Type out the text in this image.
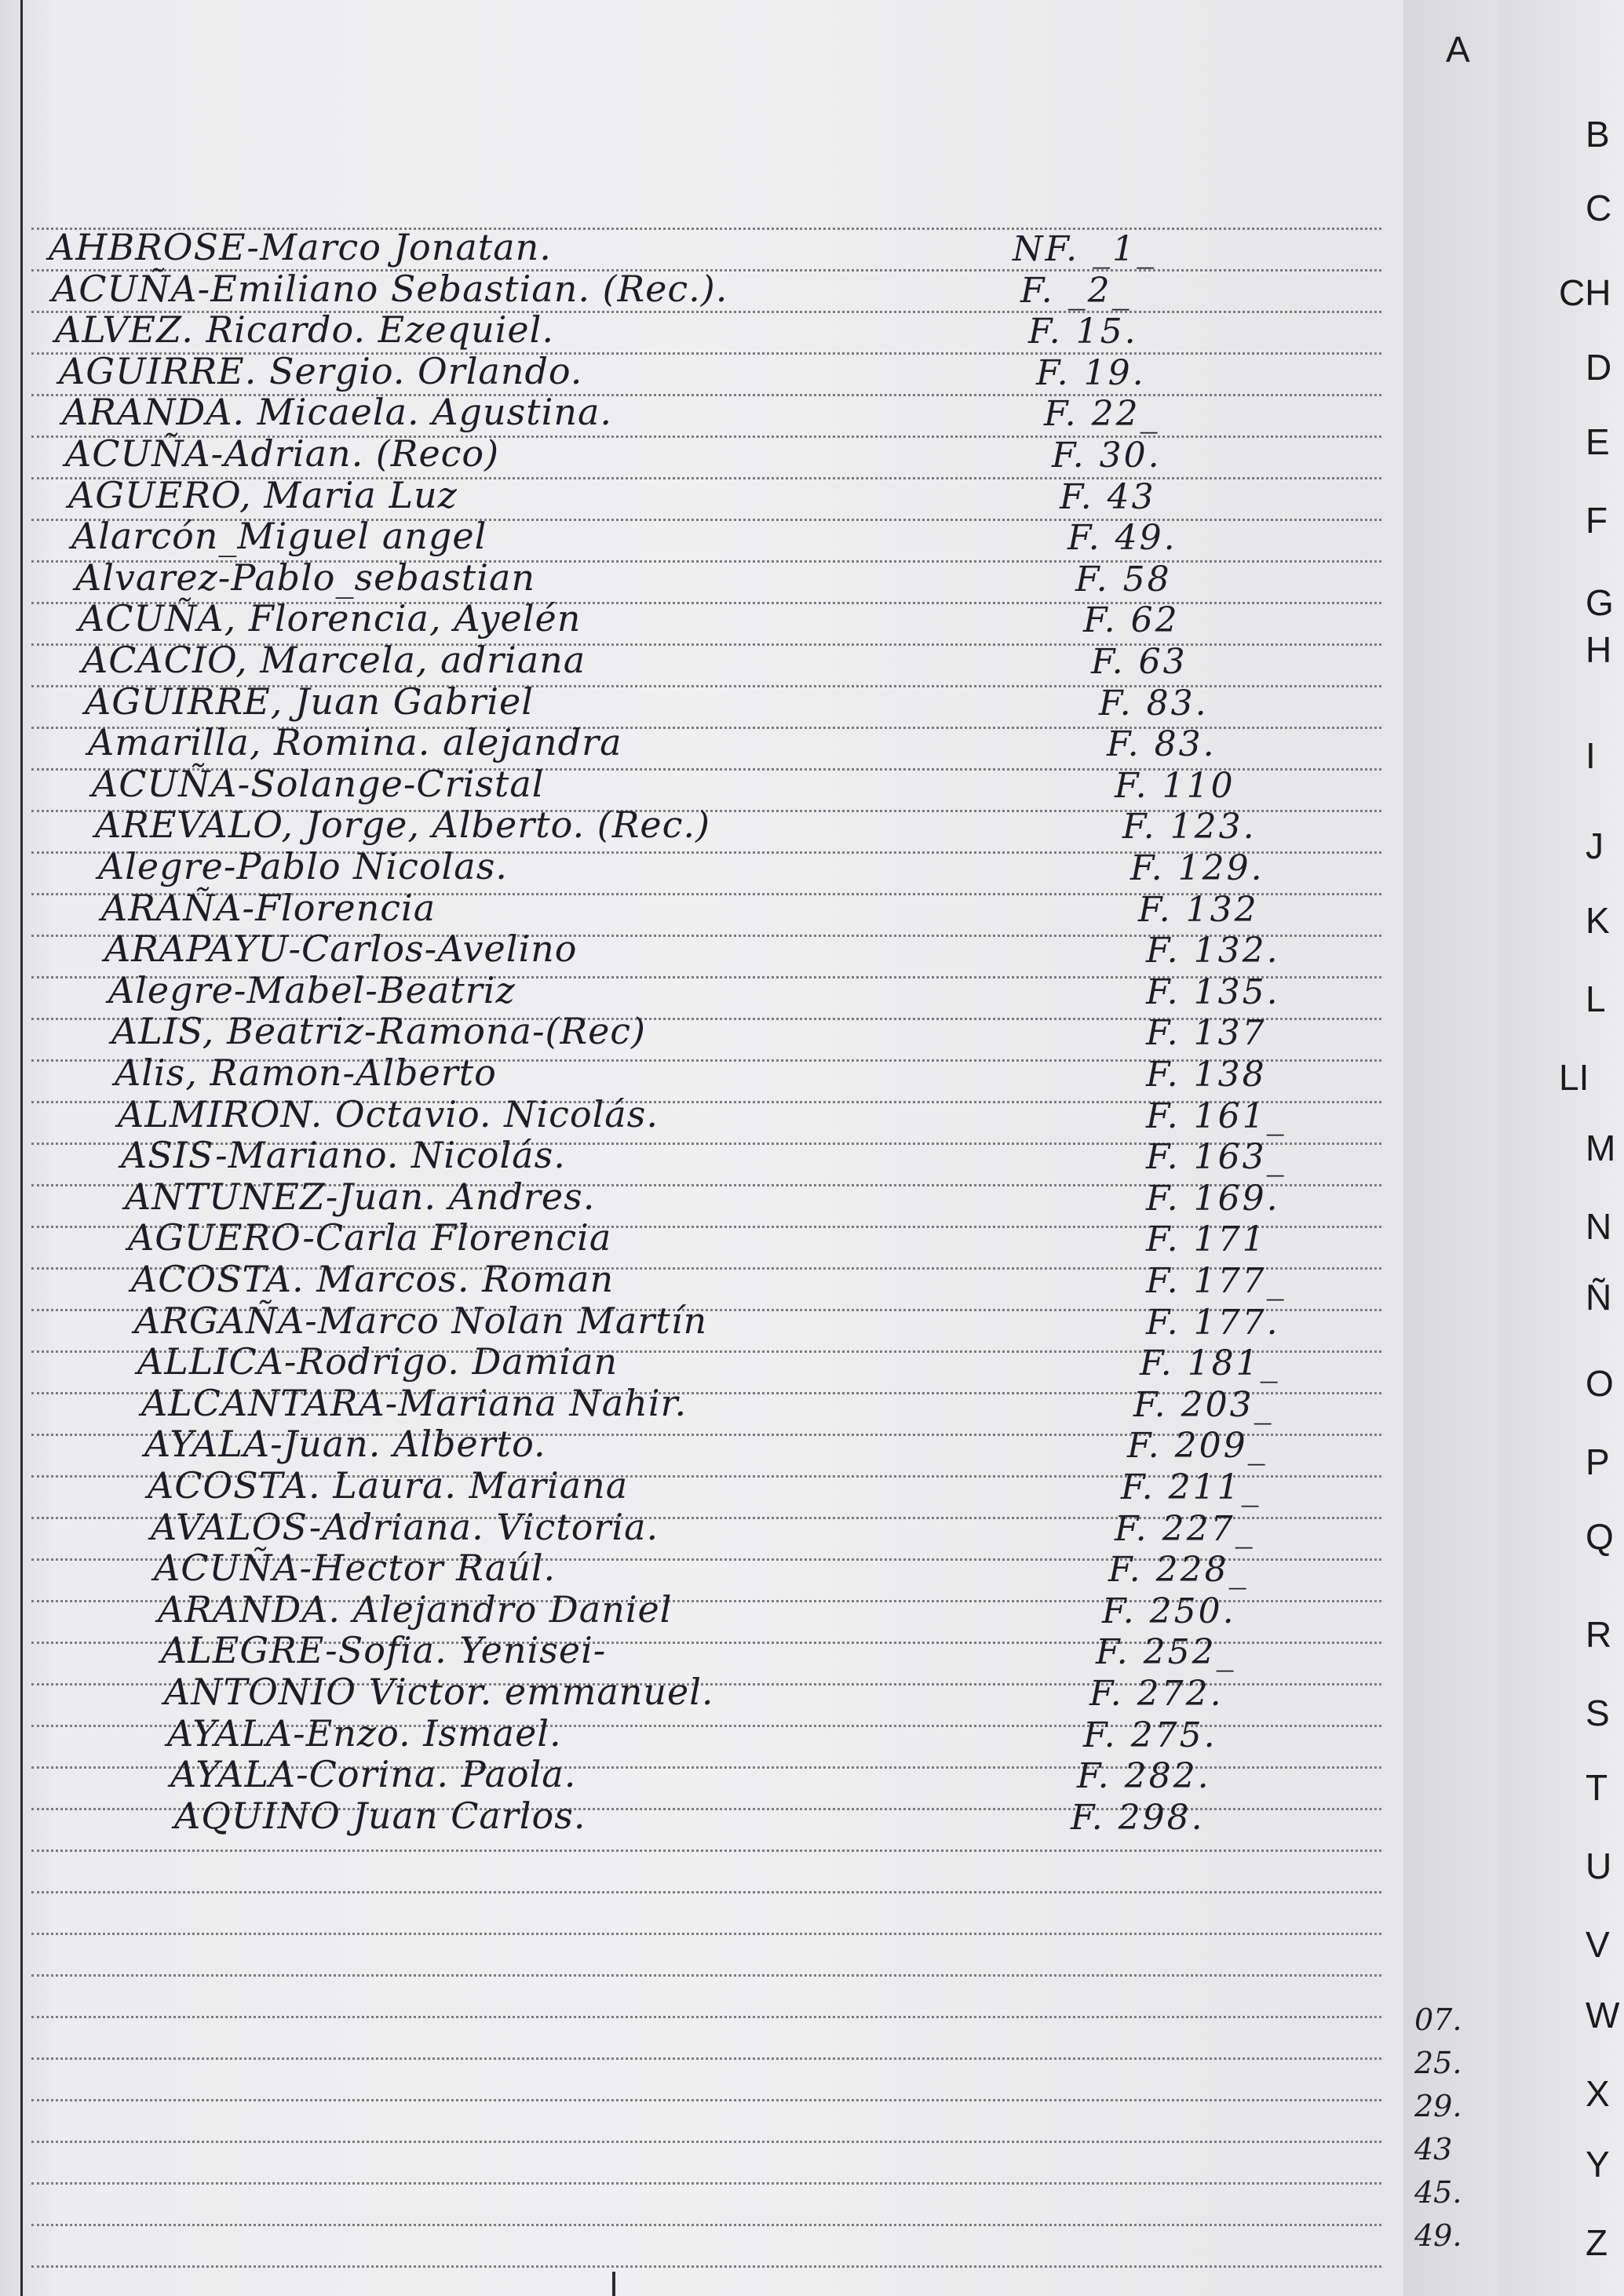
AHBROSE-Marco Jonatan.	NF. _1_
ACUÑA-Emiliano Sebastian. (Rec.).	F. _2_
ALVEZ. Ricardo. Ezequiel.	F. 15.
AGUIRRE. Sergio. Orlando.	F. 19.
ARANDA. Micaela. Agustina.	F. 22_
ACUÑA-Adrian. (Reco)	F. 30.
AGUERO, Maria Luz	F. 43
Alarcón_Miguel angel	F. 49.
Alvarez-Pablo_sebastian	F. 58
ACUÑA, Florencia, Ayelén	F. 62
ACACIO, Marcela, adriana	F. 63
AGUIRRE, Juan Gabriel	F. 83.
Amarilla, Romina. alejandra	F. 83.
ACUÑA-Solange-Cristal	F. 110
AREVALO, Jorge, Alberto. (Rec.)	F. 123.
Alegre-Pablo Nicolas.	F. 129.
ARAÑA-Florencia	F. 132
ARAPAYU-Carlos-Avelino	F. 132.
Alegre-Mabel-Beatriz	F. 135.
ALIS, Beatriz-Ramona-(Rec)	F. 137
Alis, Ramon-Alberto	F. 138
ALMIRON. Octavio. Nicolás.	F. 161_
ASIS-Mariano. Nicolás.	F. 163_
ANTUNEZ-Juan. Andres.	F. 169.
AGUERO-Carla Florencia	F. 171
ACOSTA. Marcos. Roman	F. 177_
ARGAÑA-Marco Nolan Martín	F. 177.
ALLICA-Rodrigo. Damian	F. 181_
ALCANTARA-Mariana Nahir.	F. 203_
AYALA-Juan. Alberto.	F. 209_
ACOSTA. Laura. Mariana	F. 211_
AVALOS-Adriana. Victoria.	F. 227_
ACUÑA-Hector Raúl.	F. 228_
ARANDA. Alejandro Daniel	F. 250.
ALEGRE-Sofia. Yenisei-	F. 252_
ANTONIO Victor. emmanuel.	F. 272.
AYALA-Enzo. Ismael.	F. 275.
AYALA-Corina. Paola.	F. 282.
AQUINO Juan Carlos.	F. 298.
07.
25.
29.
43
45.
49.
A
B
C
CH
D
E
F
G
H
I
J
K
L
LI
M
N
Ñ
O
P
Q
R
S
T
U
V
W
X
Y
Z
